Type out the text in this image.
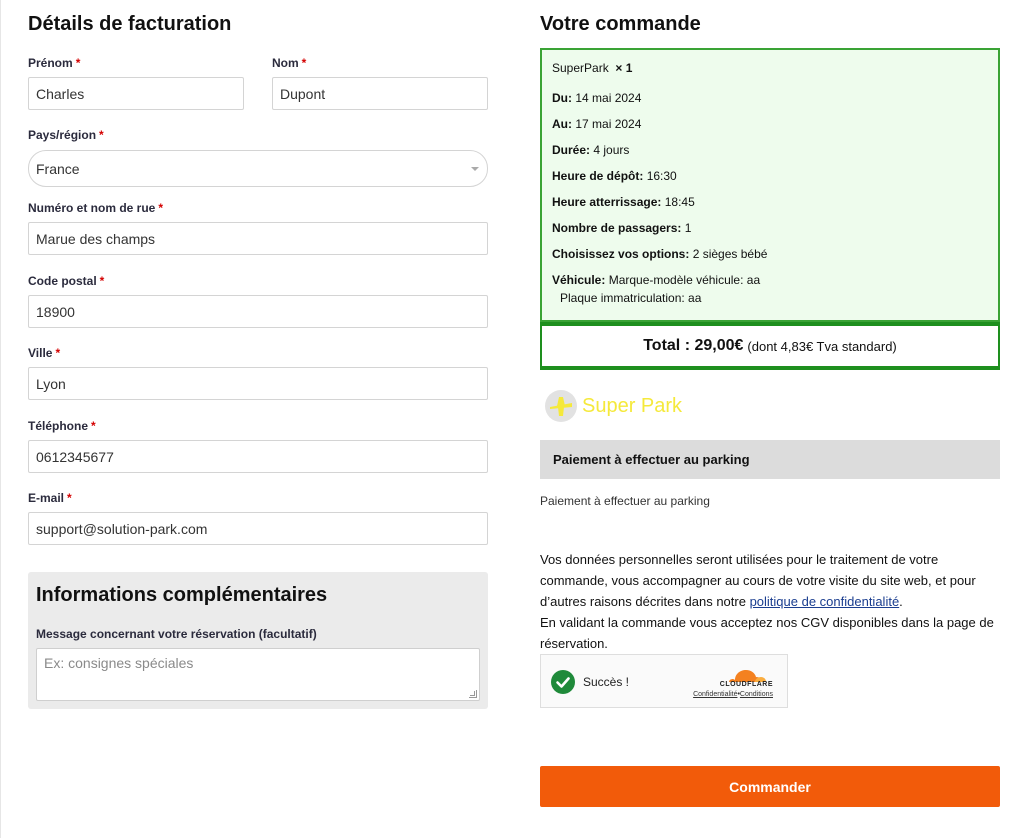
Détails de facturation
Prénom *
Charles
Nom *
Dupont
Pays/région *
France
Numéro et nom de rue *
Marue des champs
Code postal *
18900
Ville *
Lyon
Téléphone *
0612345677
E-mail *
support@solution-park.com
Informations complémentaires
Message concernant votre réservation (facultatif)
Ex: consignes spéciales
Votre commande
SuperPark × 1
Du: 14 mai 2024
Au: 17 mai 2024
Durée: 4 jours
Heure de dépôt: 16:30
Heure atterrissage: 18:45
Nombre de passagers: 1
Choisissez vos options: 2 sièges bébé
Véhicule: Marque-modèle véhicule: aa
Plaque immatriculation: aa
Total : 29,00€ (dont 4,83€ Tva standard)
Super Park
Paiement à effectuer au parking
Paiement à effectuer au parking
Vos données personnelles seront utilisées pour le traitement de votre commande, vous accompagner au cours de votre visite du site web, et pour d’autres raisons décrites dans notre politique de confidentialité.
En validant la commande vous acceptez nos CGV disponibles dans la page de réservation.
Succès !	CLOUDFLARE
Confidentialité•Conditions
Commander
